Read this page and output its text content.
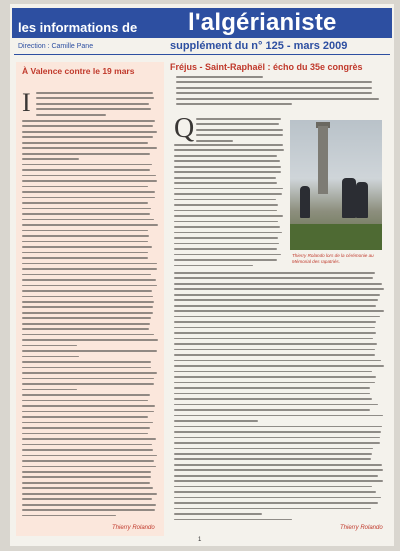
les informations de l'algérianiste
Direction : Camille Pane	supplément du n° 125 - mars 2009
À Valence contre le 19 mars
I
Thierry Rolando
Fréjus - Saint-Raphaël : écho du 35e congrès
Q
Thierry Rolando lors de la cérémonie au Mémorial des rapatriés.
Thierry Rolando
1
